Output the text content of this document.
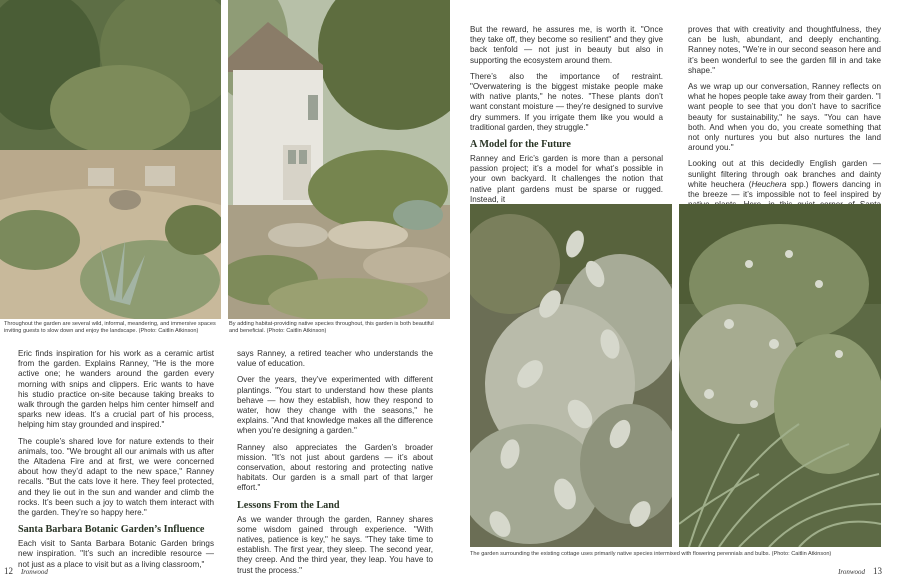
Throughout the garden are several wild, informal, meandering, and immersive spaces inviting guests to slow down and enjoy the landscape. (Photo: Caitlin Atkinson)
By adding habitat-providing native species throughout, this garden is both beautiful and beneficial. (Photo: Caitlin Atkinson)

Eric finds inspiration for his work as a ceramic artist from the garden. Explains Ranney, "He is the more active one; he wanders around the garden every morning with snips and clippers. Eric wants to have his studio practice on-site because taking breaks to walk through the garden helps him center himself and sparks new ideas. It’s a crucial part of his process, helping him stay grounded and inspired."

The couple’s shared love for nature extends to their animals, too. "We brought all our animals with us after the Altadena Fire and at first, we were concerned about how they’d adapt to the new space," Ranney recalls. "But the cats love it here. They feel protected, and they lie out in the sun and wander and climb the rocks. It’s been such a joy to watch them interact with the garden. They’re so happy here."

Santa Barbara Botanic Garden’s Influence

Each visit to Santa Barbara Botanic Garden brings new inspiration. "It’s such an incredible resource — not just as a place to visit but as a living classroom,"

says Ranney, a retired teacher who understands the value of education.

Over the years, they’ve experimented with different plantings. "You start to understand how these plants behave — how they establish, how they respond to water, how they change with the seasons," he explains. "And that knowledge makes all the difference when you’re designing a garden."

Ranney also appreciates the Garden’s broader mission. "It’s not just about gardens — it’s about conservation, about restoring and protecting native habitats. Our garden is a small part of that larger effort."

Lessons From the Land

As we wander through the garden, Ranney shares some wisdom gained through experience. "With natives, patience is key," he says. "They take time to establish. The first year, they sleep. The second year, they creep. And the third year, they leap. You have to trust the process."

12 Ironwood

But the reward, he assures me, is worth it. "Once they take off, they become so resilient" and they give back tenfold — not just in beauty but also in supporting the ecosystem around them.

There’s also the importance of restraint. "Overwatering is the biggest mistake people make with native plants," he notes. "These plants don’t want constant moisture — they’re designed to survive dry summers. If you irrigate them like you would a traditional garden, they struggle."

A Model for the Future

Ranney and Eric’s garden is more than a personal passion project; it’s a model for what’s possible in your own backyard. It challenges the notion that native plant gardens must be sparse or rugged. Instead, it

proves that with creativity and thoughtfulness, they can be lush, abundant, and deeply enchanting. Ranney notes, "We’re in our second season here and it’s been wonderful to see the garden fill in and take shape."

As we wrap up our conversation, Ranney reflects on what he hopes people take away from their garden. "I want people to see that you don’t have to sacrifice beauty for sustainability," he says. "You can have both. And when you do, you create something that not only nurtures you but also nurtures the land around you."

Looking out at this decidedly English garden — sunlight filtering through oak branches and dainty white heuchera (Heuchera spp.) flowers dancing in the breeze — it’s impossible not to feel inspired by

The garden surrounding the existing cottage uses primarily native species intermixed with flowering perennials and bulbs. (Photo: Caitlin Atkinson)
Ironwood 13
